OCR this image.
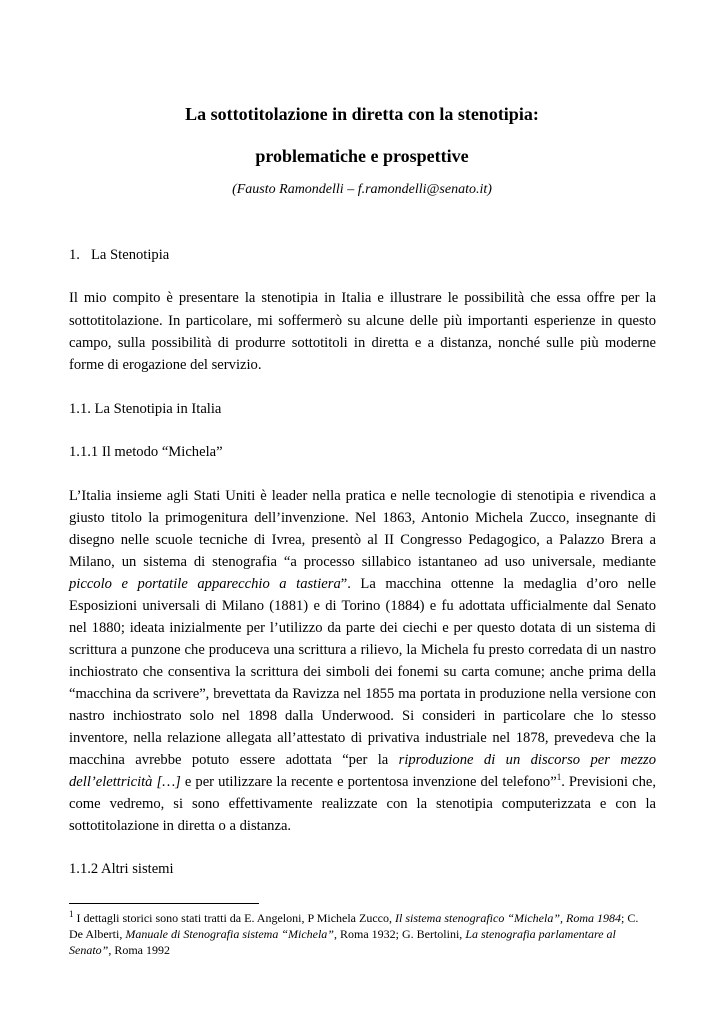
La sottotitolazione in diretta con la stenotipia:
problematiche e prospettive
(Fausto Ramondelli – f.ramondelli@senato.it)
1. La Stenotipia
Il mio compito è presentare la stenotipia in Italia e illustrare le possibilità che essa offre per la
sottotitolazione. In particolare, mi soffermerò su alcune delle più importanti esperienze in questo
campo, sulla possibilità di produrre sottotitoli in diretta e a distanza, nonché sulle più moderne
forme di erogazione del servizio.
1.1. La Stenotipia in Italia
1.1.1 Il metodo “Michela”
L’Italia insieme agli Stati Uniti è leader nella pratica e nelle tecnologie di stenotipia e rivendica a
giusto titolo la primogenitura dell’invenzione. Nel 1863, Antonio Michela Zucco, insegnante di
disegno nelle scuole tecniche di Ivrea, presentò al II Congresso Pedagogico, a Palazzo Brera a
Milano, un sistema di stenografia “a processo sillabico istantaneo ad uso universale, mediante
piccolo e portatile apparecchio a tastiera”. La macchina ottenne la medaglia d’oro nelle
Esposizioni universali di Milano (1881) e di Torino (1884) e fu adottata ufficialmente dal Senato
nel 1880; ideata inizialmente per l’utilizzo da parte dei ciechi e per questo dotata di un sistema di
scrittura a punzone che produceva una scrittura a rilievo, la Michela fu presto corredata di un nastro
inchiostrato che consentiva la scrittura dei simboli dei fonemi su carta comune; anche prima della
“macchina da scrivere”, brevettata da Ravizza nel 1855 ma portata in produzione nella versione con
nastro inchiostrato solo nel 1898 dalla Underwood. Si consideri in particolare che lo stesso
inventore, nella relazione allegata all’attestato di privativa industriale nel 1878, prevedeva che la
macchina avrebbe potuto essere adottata “per la riproduzione di un discorso per mezzo
dell’elettricità […] e per utilizzare la recente e portentosa invenzione del telefono”$^1$. Previsioni che,
come vedremo, si sono effettivamente realizzate con la stenotipia computerizzata e con la
sottotitolazione in diretta o a distanza.
1.1.2 Altri sistemi
$^1$ I dettagli storici sono stati tratti da E. Angeloni, P Michela Zucco, Il sistema stenografico “Michela”, Roma 1984; C.
De Alberti, Manuale di Stenografia sistema “Michela”, Roma 1932; G. Bertolini, La stenografia parlamentare al
Senato”, Roma 1992
